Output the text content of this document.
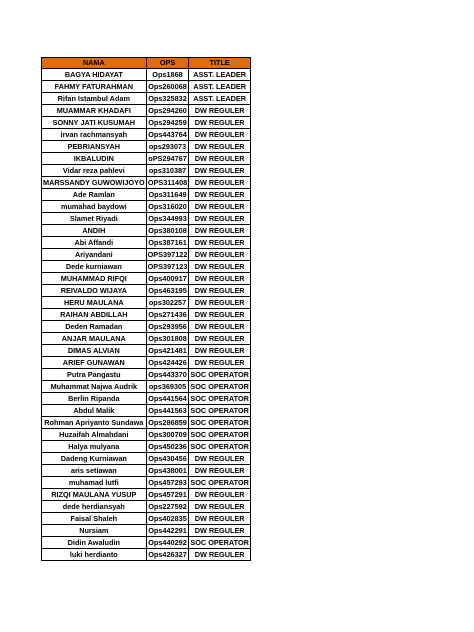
NAMA	OPS	TITLE
BAGYA HIDAYAT	Ops1868	ASST. LEADER
FAHMY FATURAHMAN	Ops260068	ASST. LEADER
Rifan Istambul Adam	Ops325832	ASST. LEADER
MUAMMAR KHADAFI	Ops294260	DW REGULER
SONNY JATI KUSUMAH	Ops294259	DW REGULER
irvan rachmansyah	Ops443764	DW REGULER
PEBRIANSYAH	ops293073	DW REGULER
IKBALUDIN	oPS294767	DW REGULER
Vidar reza pahlevi	ops310387	DW REGULER
MARSSANDY GUWOWIJOYO	OPS311408	DW REGULER
Ade Ramlan	Ops311649	DW REGULER
mumahad baydowi	Ops316020	DW REGULER
Slamet Riyadi	Ops344993	DW REGULER
ANDIH	Ops380108	DW REGULER
Abi Affandi	Ops387161	DW REGULER
Ariyandani	OPS397122	DW REGULER
Dede kurniawan	OPS397123	DW REGULER
MUHAMMAD RIFQI	Ops400917	DW REGULER
REIVALDO WIJAYA	Ops463195	DW REGULER
HERU MAULANA	ops302257	DW REGULER
RAIHAN ABDILLAH	Ops271436	DW REGULER
Deden Ramadan	Ops293956	DW REGULER
ANJAR MAULANA	Ops301808	DW REGULER
DIMAS ALVIAN	Ops421481	DW REGULER
ARIEF GUNAWAN	Ops424426	DW REGULER
Putra Pangastu	Ops443370	SOC OPERATOR
Muhammat Najwa Audrik	ops369305	SOC OPERATOR
Berlin Ripanda	Ops441564	SOC OPERATOR
Abdul Malik	Ops441563	SOC OPERATOR
Rohman Apriyanto Sundawa	Ops286859	SOC OPERATOR
Huzaifah Almahdani	Ops300709	SOC OPERATOR
Halya mulyana	Ops450236	SOC OPERATOR
Dadeng Kurniawan	Ops430456	DW REGULER
aris setiawan	Ops438001	DW REGULER
muhamad lutfi	Ops457293	SOC OPERATOR
RIZQI MAULANA YUSUP	Ops457291	DW REGULER
dede herdiansyah	Ops227592	DW REGULER
Faisal Shaleh	Ops402835	DW REGULER
Nursiam	Ops442291	DW REGULER
Didin Awaludin	Ops440292	SOC OPERATOR
luki herdianto	Ops426327	DW REGULER
